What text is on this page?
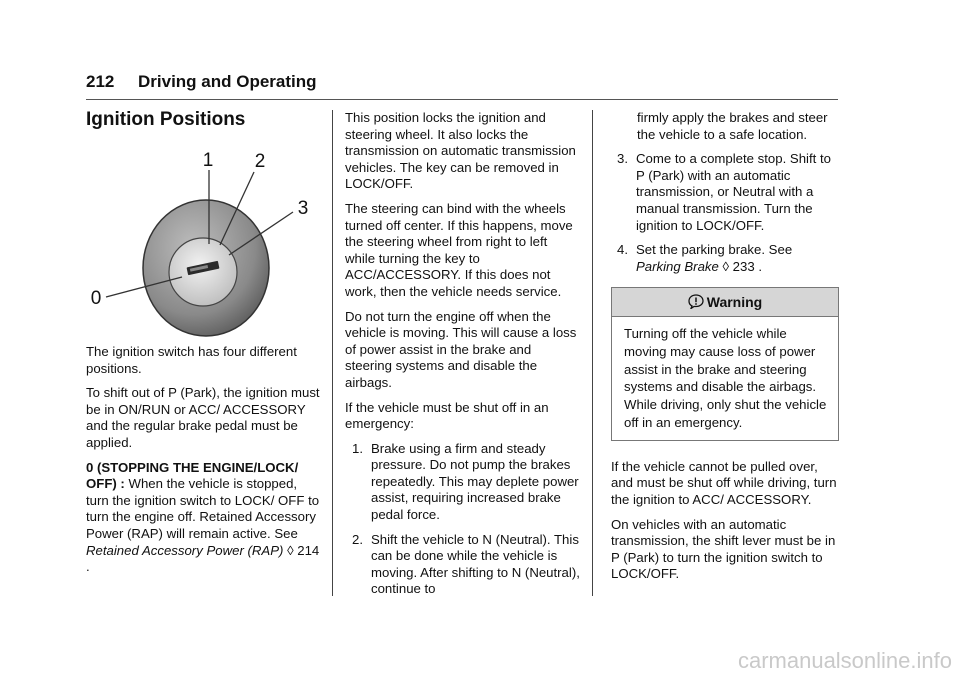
212 Driving and Operating
Ignition Positions
1 2
3
0

The ignition switch has four different positions.

To shift out of P (Park), the ignition must be in ON/RUN or ACC/ ACCESSORY and the regular brake pedal must be applied.

0 (STOPPING THE ENGINE/LOCK/ OFF) : When the vehicle is stopped, turn the ignition switch to LOCK/ OFF to turn the engine off. Retained Accessory Power (RAP) will remain active. See Retained Accessory Power (RAP) ◊ 214 .

This position locks the ignition and steering wheel. It also locks the transmission on automatic transmission vehicles. The key can be removed in LOCK/OFF.

The steering can bind with the wheels turned off center. If this happens, move the steering wheel from right to left while turning the key to ACC/ACCESSORY. If this does not work, then the vehicle needs service.

Do not turn the engine off when the vehicle is moving. This will cause a loss of power assist in the brake and steering systems and disable the airbags.

If the vehicle must be shut off in an emergency:

1. Brake using a firm and steady pressure. Do not pump the brakes repeatedly. This may deplete power assist, requiring increased brake pedal force.
2. Shift the vehicle to N (Neutral). This can be done while the vehicle is moving. After shifting to N (Neutral), continue to
firmly apply the brakes and steer the vehicle to a safe location.
3. Come to a complete stop. Shift to P (Park) with an automatic transmission, or Neutral with a manual transmission. Turn the ignition to LOCK/OFF.
4. Set the parking brake. See Parking Brake ◊ 233 .
Warning
Turning off the vehicle while moving may cause loss of power assist in the brake and steering systems and disable the airbags. While driving, only shut the vehicle off in an emergency.

If the vehicle cannot be pulled over, and must be shut off while driving, turn the ignition to ACC/ ACCESSORY.

On vehicles with an automatic transmission, the shift lever must be in P (Park) to turn the ignition switch to LOCK/OFF.

carmanualsonline.info
